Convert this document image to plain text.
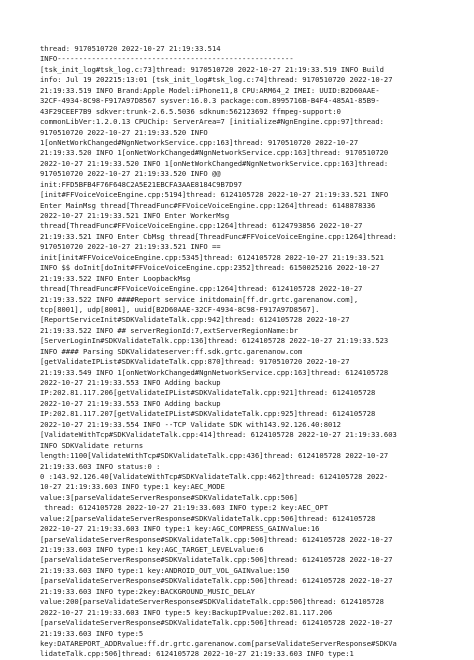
thread: 9170510720 2022-10-27 21:19:33.514
INFO-------------------------------------------------------
[tsk_init_log#tsk_log.c:73]thread: 9170510720 2022-10-27 21:19:33.519 INFO Build
info: Jul 19 202215:13:01 [tsk_init_log#tsk_log.c:74]thread: 9170510720 2022-10-27
21:19:33.519 INFO Brand:Apple Model:iPhone11,8 CPU:ARM64_2 IMEI: UUID:B2D60AAE-
32CF-4934-8C98-F917A97D8567 sysver:16.0.3 package:com.8995716B-B4F4-485A1-85B9-
43F29CEEF7B9 sdkver:trunk-2.6.5.5036 sdknum:562123692 ffmpeg-support:0
commonLibVer:1.2.0.13 CPUChip: ServerArea=7 [initialize#NgnEngine.cpp:97]thread:
9170510720 2022-10-27 21:19:33.520 INFO
1[onNetWorkChanged#NgnNetworkService.cpp:163]thread: 9170510720 2022-10-27
21:19:33.520 INFO 1[onNetWorkChanged#NgnNetworkService.cpp:163]thread: 9170510720
2022-10-27 21:19:33.520 INFO 1[onNetWorkChanged#NgnNetworkService.cpp:163]thread:
9170510720 2022-10-27 21:19:33.520 INFO @@
init:FFD5BFB4F76F648C2A5E21EBCFA3AAE8184C9B7D97
[init#FFVoiceVoiceEngine.cpp:5194]thread: 6124105728 2022-10-27 21:19:33.521 INFO
Enter MainMsg thread[ThreadFunc#FFVoiceVoiceEngine.cpp:1264]thread: 6148878336
2022-10-27 21:19:33.521 INFO Enter WorkerMsg
thread[ThreadFunc#FFVoiceVoiceEngine.cpp:1264]thread: 6124793856 2022-10-27
21:19:33.521 INFO Enter CbMsg thread[ThreadFunc#FFVoiceVoiceEngine.cpp:1264]thread:
9170510720 2022-10-27 21:19:33.521 INFO ==
init[init#FFVoiceVoiceEngine.cpp:5345]thread: 6124105728 2022-10-27 21:19:33.521
INFO $$ doInit[doInit#FFVoiceVoiceEngine.cpp:2352]thread: 6150025216 2022-10-27
21:19:33.522 INFO Enter LoopbackMsg
thread[ThreadFunc#FFVoiceVoiceEngine.cpp:1264]thread: 6124105728 2022-10-27
21:19:33.522 INFO ####Report service initdomain[ff.dr.grtc.garenanow.com],
tcp[8001], udp[8001], uuid[B2D60AAE-32CF-4934-8C98-F917A97D8567].
[ReportServiceInit#SDKValidateTalk.cpp:942]thread: 6124105728 2022-10-27
21:19:33.522 INFO ## serverRegionId:7,extServerRegionName:br
[ServerLoginIn#SDKValidateTalk.cpp:136]thread: 6124105728 2022-10-27 21:19:33.523
INFO #### Parsing SDKValidateserver:ff.sdk.grtc.garenanow.com
[getValidateIPList#SDKValidateTalk.cpp:870]thread: 9170510720 2022-10-27
21:19:33.549 INFO 1[onNetWorkChanged#NgnNetworkService.cpp:163]thread: 6124105728
2022-10-27 21:19:33.553 INFO Adding backup
IP:202.81.117.206[getValidateIPList#SDKValidateTalk.cpp:921]thread: 6124105728
2022-10-27 21:19:33.553 INFO Adding backup
IP:202.81.117.207[getValidateIPList#SDKValidateTalk.cpp:925]thread: 6124105728
2022-10-27 21:19:33.554 INFO --TCP Validate SDK with143.92.126.40:8012
[ValidateWithTcp#SDKValidateTalk.cpp:414]thread: 6124105728 2022-10-27 21:19:33.603
INFO SDKValidate returns
length:1100[ValidateWithTcp#SDKValidateTalk.cpp:436]thread: 6124105728 2022-10-27
21:19:33.603 INFO status:0 :
0 :143.92.126.40[ValidateWithTcp#SDKValidateTalk.cpp:462]thread: 6124105728 2022-
10-27 21:19:33.603 INFO type:1 key:AEC_MODE
value:3[parseValidateServerResponse#SDKValidateTalk.cpp:506]
thread: 6124105728 2022-10-27 21:19:33.603 INFO type:2 key:AEC_OPT
value:2[parseValidateServerResponse#SDKValidateTalk.cpp:506]thread: 6124105728
2022-10-27 21:19:33.603 INFO type:1 key:AGC_COMPRESS_GAINValue:16
[parseValidateServerResponse#SDKValidateTalk.cpp:506]thread: 6124105728 2022-10-27
21:19:33.603 INFO type:1 key:AGC_TARGET_LEVELvalue:6
[parseValidateServerResponse#SDKValidateTalk.cpp:506]thread: 6124105728 2022-10-27
21:19:33.603 INFO type:1 key:ANDROID_OUT_VOL_GAINvalue:150
[parseValidateServerResponse#SDKValidateTalk.cpp:506]thread: 6124105728 2022-10-27
21:19:33.603 INFO type:2key:BACKGROUND_MUSIC_DELAY
value:200[parseValidateServerResponse#SDKValidateTalk.cpp:506]thread: 6124105728
2022-10-27 21:19:33.603 INFO type:5 key:BackupIPvalue:202.81.117.206
[parseValidateServerResponse#SDKValidateTalk.cpp:506]thread: 6124105728 2022-10-27
21:19:33.603 INFO type:5
key:DATAREPORT_ADDRvalue:ff.dr.grtc.garenanow.com[parseValidateServerResponse#SDKVa
lidateTalk.cpp:506]thread: 6124105728 2022-10-27 21:19:33.603 INFO type:1
